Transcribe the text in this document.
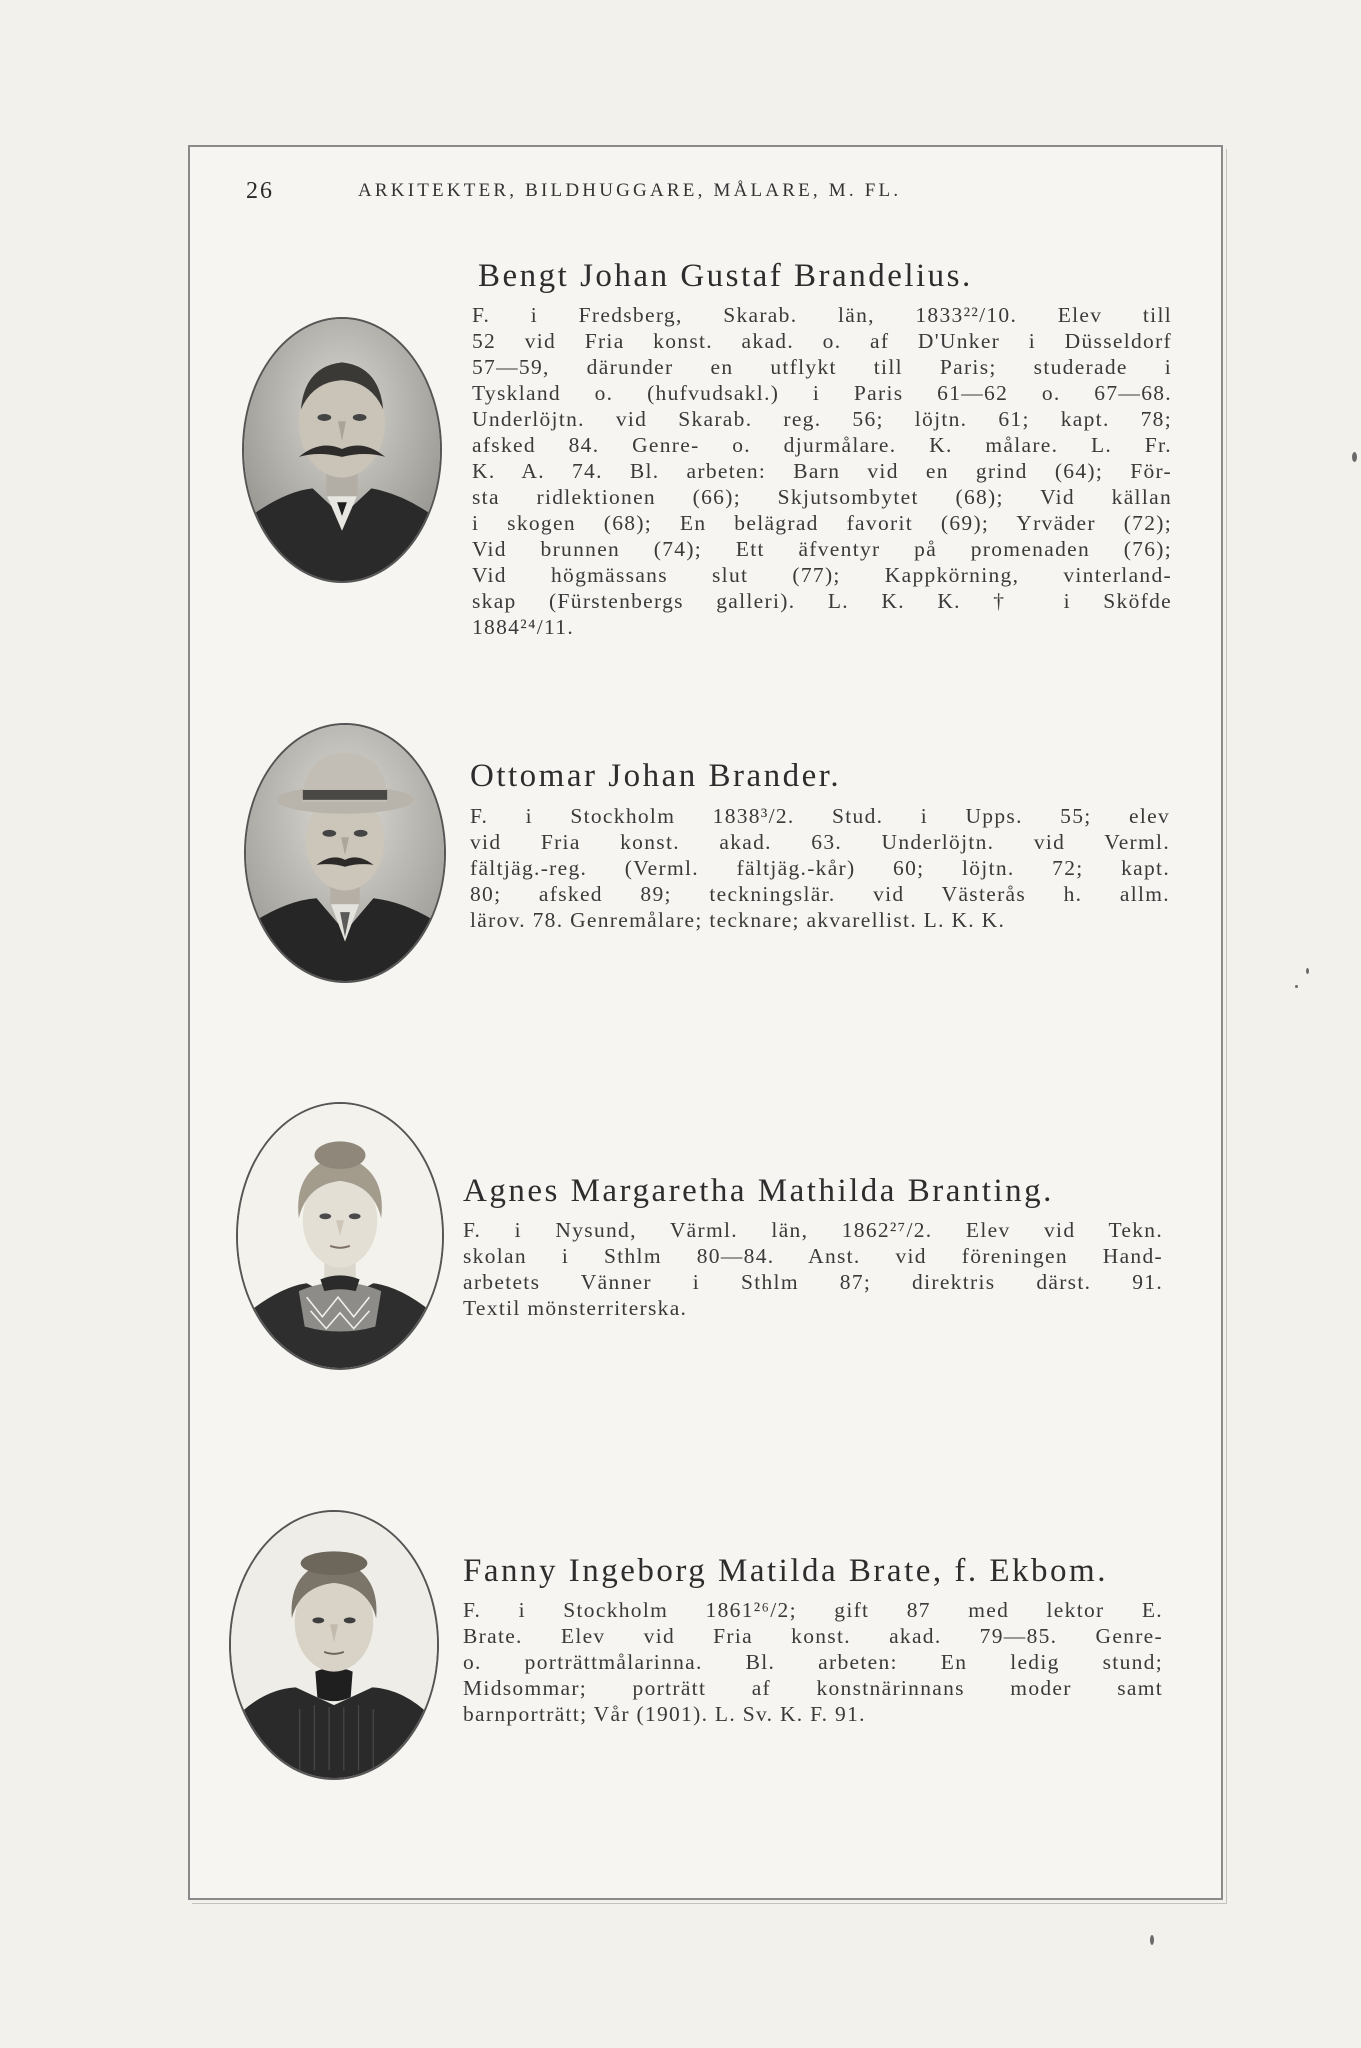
26	ARKITEKTER, BILDHUGGARE, MÅLARE, M. FL.
Bengt Johan Gustaf Brandelius.
F. i Fredsberg, Skarab. län, 1833²²/10. Elev till
52 vid Fria konst. akad. o. af D'Unker i Düsseldorf
57—59, därunder en utflykt till Paris; studerade i
Tyskland o. (hufvudsakl.) i Paris 61—62 o. 67—68.
Underlöjtn. vid Skarab. reg. 56; löjtn. 61; kapt. 78;
afsked 84. Genre- o. djurmålare. K. målare. L. Fr.
K. A. 74. Bl. arbeten: Barn vid en grind (64); För-
sta ridlektionen (66); Skjutsombytet (68); Vid källan
i skogen (68); En belägrad favorit (69); Yrväder (72);
Vid brunnen (74); Ett äfventyr på promenaden (76);
Vid högmässans slut (77); Kappkörning, vinterland-
skap (Fürstenbergs galleri). L. K. K. † i Sköfde
1884²⁴/11.
Ottomar Johan Brander.
F. i Stockholm 1838³/2. Stud. i Upps. 55; elev
vid Fria konst. akad. 63. Underlöjtn. vid Verml.
fältjäg.-reg. (Verml. fältjäg.-kår) 60; löjtn. 72; kapt.
80; afsked 89; teckningslär. vid Västerås h. allm.
lärov. 78. Genremålare; tecknare; akvarellist. L. K. K.
Agnes Margaretha Mathilda Branting.
F. i Nysund, Värml. län, 1862²⁷/2. Elev vid Tekn.
skolan i Sthlm 80—84. Anst. vid föreningen Hand-
arbetets Vänner i Sthlm 87; direktris därst. 91.
Textil mönsterriterska.
Fanny Ingeborg Matilda Brate, f. Ekbom.
F. i Stockholm 1861²⁶/2; gift 87 med lektor E.
Brate. Elev vid Fria konst. akad. 79—85. Genre-
o. porträttmålarinna. Bl. arbeten: En ledig stund;
Midsommar; porträtt af konstnärinnans moder samt
barnporträtt; Vår (1901). L. Sv. K. F. 91.
